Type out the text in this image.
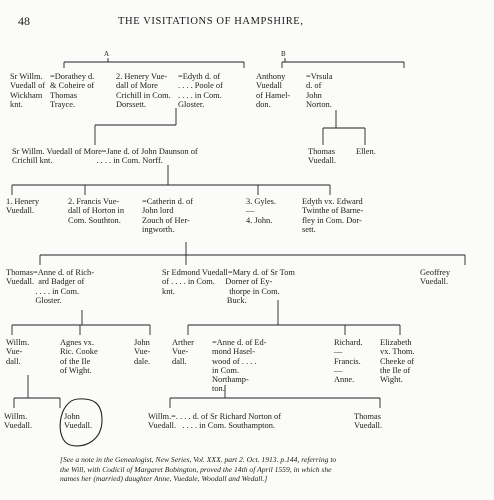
48	THE VISITATIONS OF HAMPSHIRE,
A	B
Sr Willm.
Vuedall of
Wickham
knt.
=Dorathey d.
& Coheire of
Thomas
Trayce.
2. Henery Vue-
dall of More
Crichill in Com.
Dorssett.
=Edyth d. of
. . . . Poole of
. . . . in Com.
Gloster.
Anthony
Vuedall
of Hamel-
don.
=Vrsula
d. of
John
Norton.
Sr Willm. Vuedall of More=Jane d. of John Daunson of
Crichill knt.                     . . . . in Com. Norff.
Thomas
Vuedall.
Ellen.
1. Henery
Vuedall.
2. Francis Vue-
dall of Horton in
Com. Southton.
=Catherin d. of
John lord
Zouch of Her-
ingworth.
3. Gyles.
—
4. John.
Edyth vx. Edward
Twinthe of Barne-
fley in Com. Dor-
sett.
Thomas=Anne d. of Rich-
Vuedall.  ard Badger of
. . . . in Com.
Gloster.
Sr Edmond Vuedall=Mary d. of Sr Tom
of . . . . in Com.     Dorner of Ey-
knt.                          thorpe in Com.
Buck.
Geoffrey
Vuedall.
Willm.
Vue-
dall.
Agnes vx.
Ric. Cooke
of the Ile
of Wight.
John
Vue-
dale.
Arther
Vue-
dall.
=Anne d. of Ed-
mond Hasel-
wood of . . . .
in Com.
Northamp-
ton.
Richard.
—
Francis.
—
Anne.
Elizabeth
vx. Thom.
Cheeke of
the Ile of
Wight.
Willm.
Vuedall.
John
Vuedall.
Willm.=. . . . d. of Sr Richard Norton of
Vuedall.   . . . . in Com. Southampton.
Thomas
Vuedall.
[See a note in the Genealogist, New Series, Vol. XXX. part 2. Oct. 1913. p.144, referring to
the Will, with Codicil of Margaret Bobington, proved the 14th of April 1559, in which she
names her (married) daughter Anne, Vuedale, Woodall and Wedall.]
